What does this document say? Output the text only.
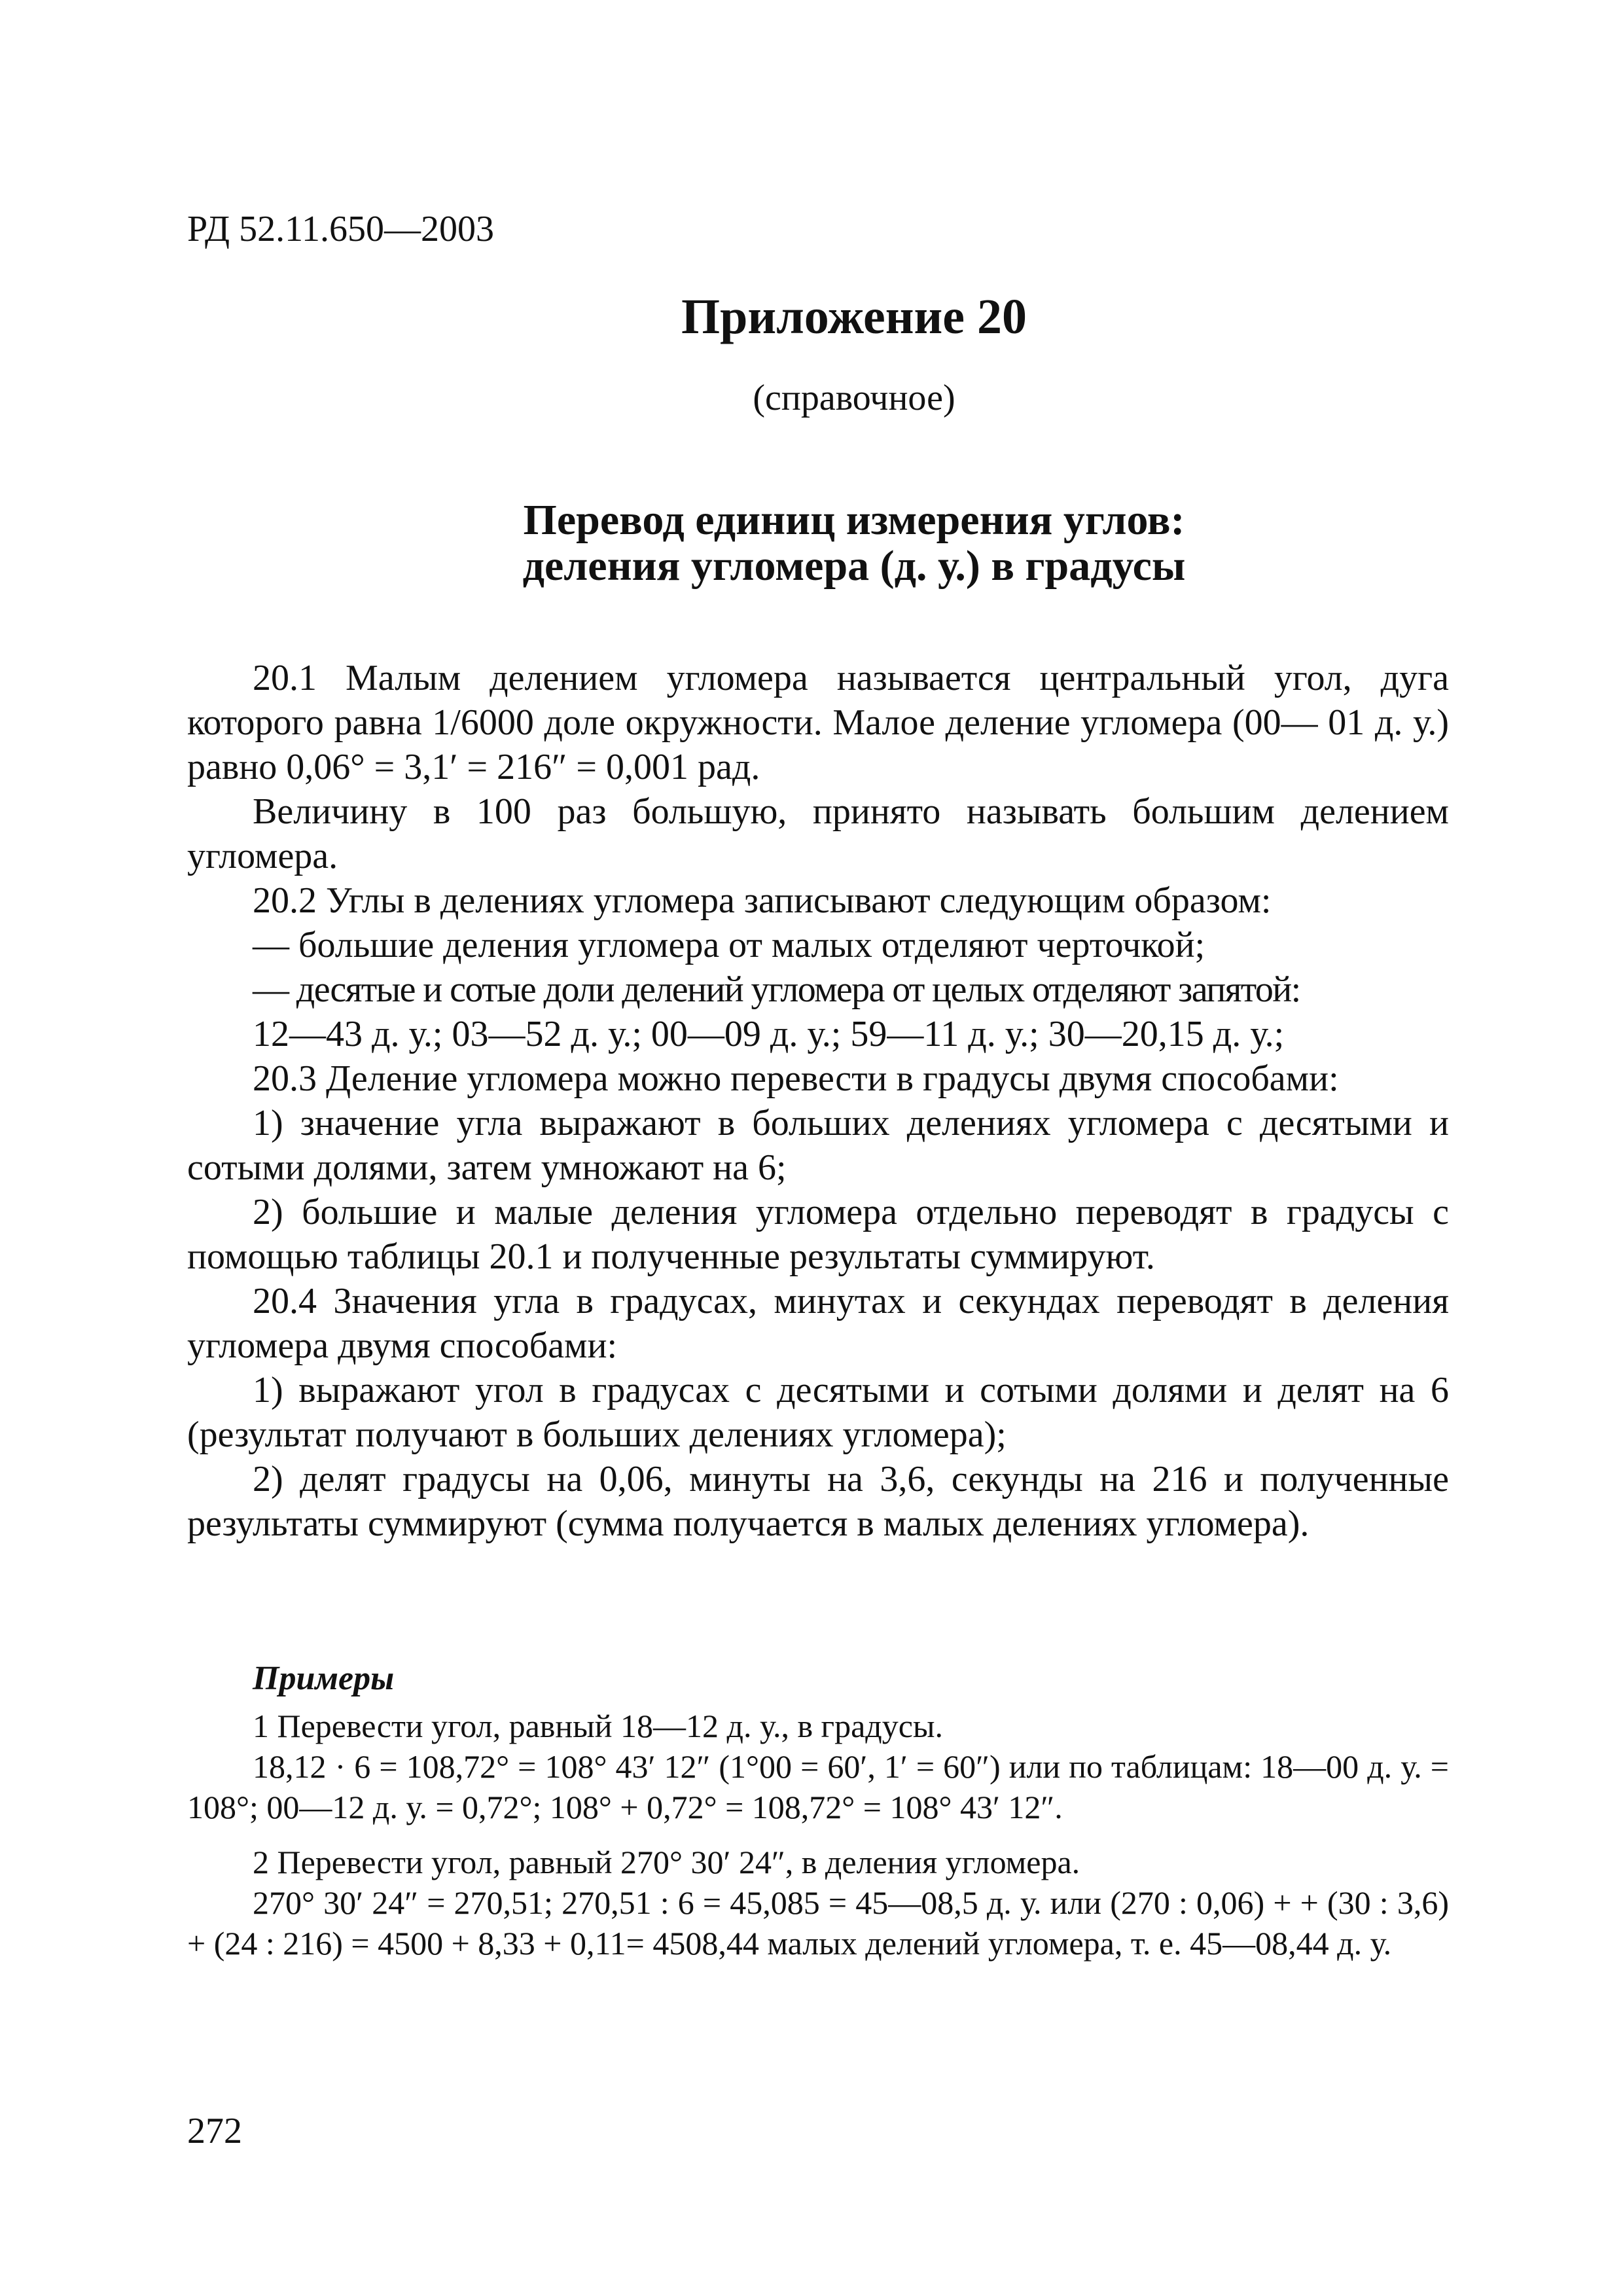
РД 52.11.650—2003
Приложение 20
(справочное)
Перевод единиц измерения углов:
деления угломера (д. у.) в градусы

20.1 Малым делением угломера называется центральный угол, дуга которого равна 1/6000 доле окружности. Малое деление угломера (00— 01 д. у.) равно 0,06° = 3,1′ = 216″ = 0,001 рад.

Величину в 100 раз большую, принято называть большим делением угломера.

20.2 Углы в делениях угломера записывают следующим образом:

— большие деления угломера от малых отделяют черточкой;

— десятые и сотые доли делений угломера от целых отделяют запятой:

12—43 д. у.; 03—52 д. у.; 00—09 д. у.; 59—11 д. у.; 30—20,15 д. у.;

20.3 Деление угломера можно перевести в градусы двумя способами:

1) значение угла выражают в больших делениях угломера с десятыми и сотыми долями, затем умножают на 6;

2) большие и малые деления угломера отдельно переводят в градусы с помощью таблицы 20.1 и полученные результаты суммируют.

20.4 Значения угла в градусах, минутах и секундах переводят в деления угломера двумя способами:

1) выражают угол в градусах с десятыми и сотыми долями и делят на 6 (результат получают в больших делениях угломера);

2) делят градусы на 0,06, минуты на 3,6, секунды на 216 и полученные результаты суммируют (сумма получается в малых делениях угломера).

Примеры

1 Перевести угол, равный 18—12 д. у., в градусы.

18,12 · 6 = 108,72° = 108° 43′ 12″ (1°00 = 60′, 1′ = 60″) или по таблицам: 18—00 д. у. = 108°; 00—12 д. у. = 0,72°; 108° + 0,72° = 108,72° = 108° 43′ 12″.

2 Перевести угол, равный 270° 30′ 24″, в деления угломера.

270° 30′ 24″ = 270,51; 270,51 : 6 = 45,085 = 45—08,5 д. у. или (270 : 0,06) + + (30 : 3,6) + (24 : 216) = 4500 + 8,33 + 0,11= 4508,44 малых делений угломера, т. е. 45—08,44 д. у.

272
